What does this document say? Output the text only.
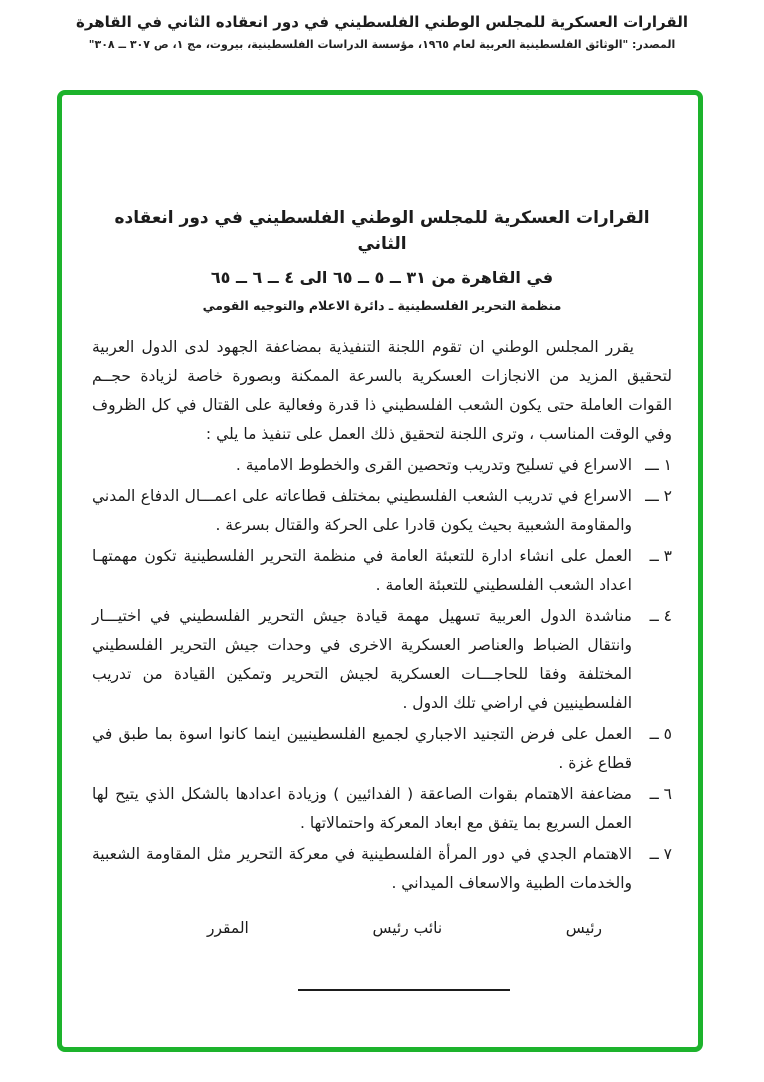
القرارات العسكرية للمجلس الوطني الفلسطيني في دور انعقاده الثاني في القاهرة
المصدر: "الوثائق الفلسطينية العربية لعام ١٩٦٥، مؤسسة الدراسات الفلسطينية، بيروت، مج ١، ص ٣٠٧ ــ ٣٠٨"
القرارات العسكرية للمجلس الوطني الفلسطيني في دور انعقاده الثاني
في القاهرة من ٣١ ــ ٥ ــ ٦٥ الى ٤ ــ ٦ ــ ٦٥
منظمة التحرير الفلسطينية ـ دائرة الاعلام والتوجيه القومي

يقرر المجلس الوطني ان تقوم اللجنة التنفيذية بمضاعفة الجهود لدى الدول العربية لتحقيق المزيد من الانجازات العسكرية بالسرعة الممكنة وبصورة خاصة لزيادة حجــم القوات العاملة حتى يكون الشعب الفلسطيني ذا قدرة وفعالية على القتال في كل الظروف وفي الوقت المناسب ، وترى اللجنة لتحقيق ذلك العمل على تنفيذ ما يلي :

١ ـــ
الاسراع في تسليح وتدريب وتحصين القرى والخطوط الامامية .
٢ ـــ
الاسراع في تدريب الشعب الفلسطيني بمختلف قطاعاته على اعمـــال الدفاع المدني والمقاومة الشعبية بحيث يكون قادرا على الحركة والقتال بسرعة .
٣ ــ
العمل على انشاء ادارة للتعبئة العامة في منظمة التحرير الفلسطينية تكون مهمتهـا اعداد الشعب الفلسطيني للتعبئة العامة .
٤ ــ
مناشدة الدول العربية تسهيل مهمة قيادة جيش التحرير الفلسطيني في اختيـــار وانتقال الضباط والعناصر العسكرية الاخرى في وحدات جيش التحرير الفلسطيني المختلفة وفقا للحاجـــات العسكرية لجيش التحرير وتمكين القيادة من تدريب الفلسطينيين في اراضي تلك الدول .
٥ ــ
العمل على فرض التجنيد الاجباري لجميع الفلسطينيين اينما كانوا اسوة بما طبق في قطاع غزة .
٦ ــ
مضاعفة الاهتمام بقوات الصاعقة ( الفدائيين ) وزيادة اعدادها بالشكل الذي يتيح لها العمل السريع بما يتفق مع ابعاد المعركة واحتمالاتها .
٧ ــ
الاهتمام الجدي في دور المرأة الفلسطينية في معركة التحرير مثل المقاومة الشعبية والخدمات الطبية والاسعاف الميداني .
رئيس
نائب رئيس
المقرر
